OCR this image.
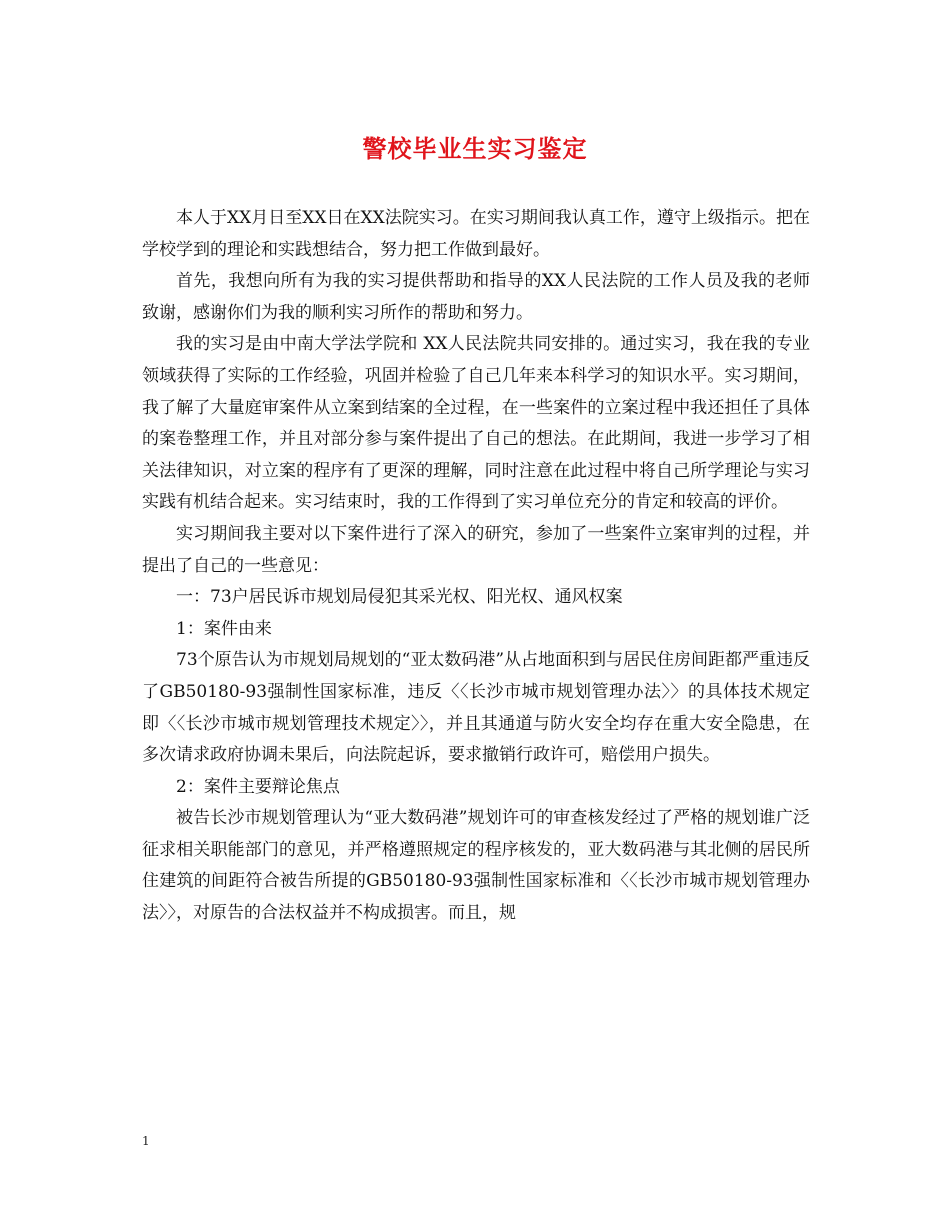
警校毕业生实习鉴定

本人于XX月日至XX日在XX法院实习。在实习期间我认真工作，遵守上级指示。把在学校学到的理论和实践想结合，努力把工作做到最好。

首先，我想向所有为我的实习提供帮助和指导的XX人民法院的工作人员及我的老师致谢，感谢你们为我的顺利实习所作的帮助和努力。

我的实习是由中南大学法学院和 XX人民法院共同安排的。通过实习，我在我的专业领域获得了实际的工作经验，巩固并检验了自己几年来本科学习的知识水平。实习期间，我了解了大量庭审案件从立案到结案的全过程，在一些案件的立案过程中我还担任了具体的案卷整理工作，并且对部分参与案件提出了自己的想法。在此期间，我进一步学习了相关法律知识，对立案的程序有了更深的理解，同时注意在此过程中将自己所学理论与实习实践有机结合起来。实习结束时，我的工作得到了实习单位充分的肯定和较高的评价。

实习期间我主要对以下案件进行了深入的研究，参加了一些案件立案审判的过程，并提出了自己的一些意见：

一：73户居民诉市规划局侵犯其采光权、阳光权、通风权案

1：案件由来

73个原告认为市规划局规划的“亚太数码港”从占地面积到与居民住房间距都严重违反了GB50180-93强制性国家标准，违反〈〈长沙市城市规划管理办法〉〉的具体技术规定即〈〈长沙市城市规划管理技术规定〉〉，并且其通道与防火安全均存在重大安全隐患，在多次请求政府协调未果后，向法院起诉，要求撤销行政许可，赔偿用户损失。

2：案件主要辩论焦点

被告长沙市规划管理认为“亚大数码港”规划许可的审查核发经过了严格的规划谁广泛征求相关职能部门的意见，并严格遵照规定的程序核发的，亚大数码港与其北侧的居民所住建筑的间距符合被告所提的GB50180-93强制性国家标准和〈〈长沙市城市规划管理办法〉〉，对原告的合法权益并不构成损害。而且，规

1
